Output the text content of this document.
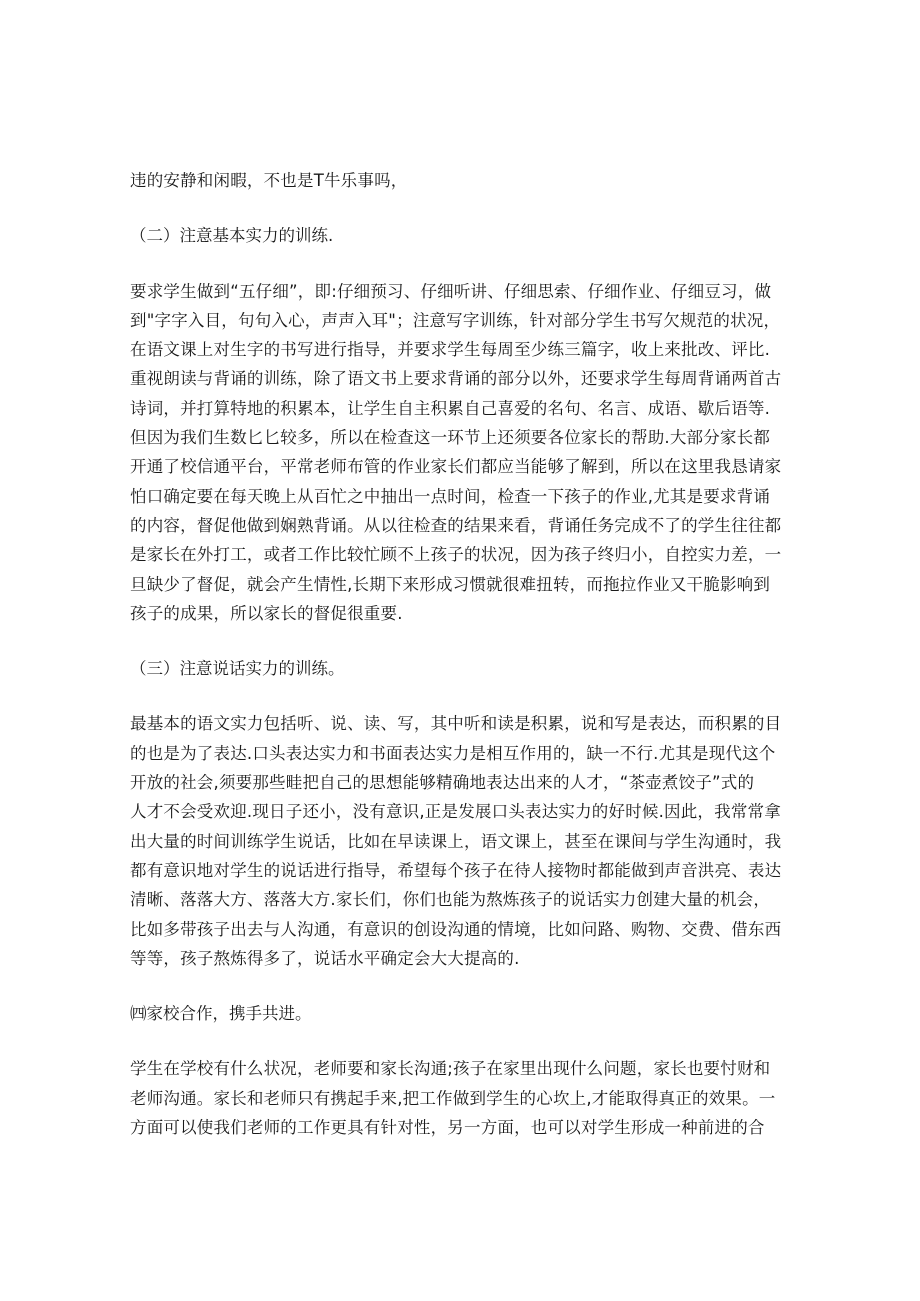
违的安静和闲暇，不也是T牛乐事吗，

（二）注意基本实力的训练.

要求学生做到“五仔细”，即:仔细预习、仔细听讲、仔细思索、仔细作业、仔细豆习，做
到"字字入目，句句入心，声声入耳"；注意写字训练，针对部分学生书写欠规范的状况，
在语文课上对生字的书写进行指导，并要求学生每周至少练三篇字，收上来批改、评比.
重视朗读与背诵的训练，除了语文书上要求背诵的部分以外，还要求学生每周背诵两首古
诗词，并打算特地的积累本，让学生自主积累自己喜爱的名句、名言、成语、歇后语等.
但因为我们生数匕匕较多，所以在检查这一环节上还须要各位家长的帮助.大部分家长都
开通了校信通平台，平常老师布管的作业家长们都应当能够了解到，所以在这里我恳请家
怕口确定要在每天晚上从百忙之中抽出一点时间，检查一下孩子的作业,尤其是要求背诵
的内容，督促他做到娴熟背诵。从以往检查的结果来看，背诵任务完成不了的学生往往都
是家长在外打工，或者工作比较忙顾不上孩子的状况，因为孩子终归小，自控实力差，一
旦缺少了督促，就会产生情性,长期下来形成习惯就很难扭转，而拖拉作业又干脆影响到
孩子的成果，所以家长的督促很重要.

（三）注意说话实力的训练。

最基本的语文实力包括听、说、读、写，其中听和读是积累，说和写是表达，而积累的目
的也是为了表达.口头表达实力和书面表达实力是相互作用的，缺一不行.尤其是现代这个
开放的社会,须要那些畦把自己的思想能够精确地表达出来的人才，“茶壶煮饺子”式的
人才不会受欢迎.现日子还小，没有意识,正是发展口头表达实力的好时候.因此，我常常拿
出大量的时间训练学生说话，比如在早读课上，语文课上，甚至在课间与学生沟通时，我
都有意识地对学生的说话进行指导，希望每个孩子在待人接物时都能做到声音洪亮、表达
清晰、落落大方、落落大方.家长们，你们也能为熬炼孩子的说话实力创建大量的机会，
比如多带孩子出去与人沟通，有意识的创设沟通的情境，比如问路、购物、交费、借东西
等等，孩子熬炼得多了，说话水平确定会大大提高的.

㈣家校合作，携手共进。

学生在学校有什么状况，老师要和家长沟通;孩子在家里出现什么问题，家长也要忖财和
老师沟通。家长和老师只有携起手来,把工作做到学生的心坎上,才能取得真正的效果。一
方面可以使我们老师的工作更具有针对性，另一方面，也可以对学生形成一种前进的合
